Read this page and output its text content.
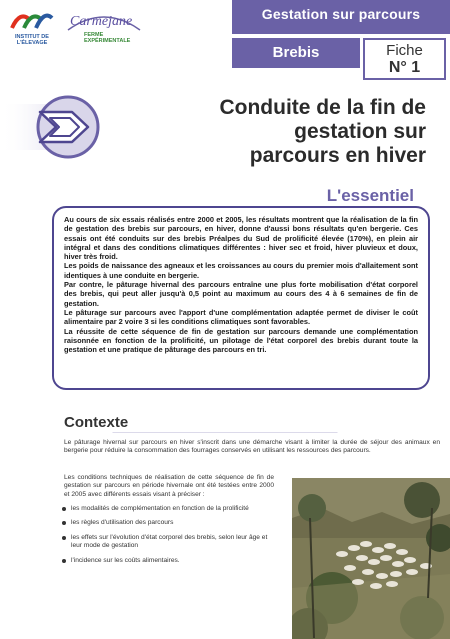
INSTITUT DE
L'ÉLEVAGE
Carmejane
FERME
EXPÉRIMENTALE
Gestation sur parcours
Brebis	Fiche
N° 1
Conduite de la fin de
gestation sur
parcours en hiver
L'essentiel

Au cours de six essais réalisés entre 2000 et 2005, les résultats montrent que la réalisation de la fin de gestation des brebis sur parcours, en hiver, donne d'aussi bons résultats qu'en bergerie. Ces essais ont été conduits sur des brebis Préalpes du Sud de prolificité élevée (170%), en plein air intégral et dans des conditions climatiques différentes : hiver sec et froid, hiver pluvieux et doux, hiver très froid.

Les poids de naissance des agneaux et les croissances au cours du premier mois d'allaitement sont identiques à une conduite en bergerie.

Par contre, le pâturage hivernal des parcours entraîne une plus forte mobilisation d'état corporel des brebis, qui peut aller jusqu'à 0,5 point au maximum au cours des 4 à 6 semaines de fin de gestation.

Le pâturage sur parcours avec l'apport d'une complémentation adaptée permet de diviser le coût alimentaire par 2 voire 3 si les conditions climatiques sont favorables.

La réussite de cette séquence de fin de gestation sur parcours demande une complémentation raisonnée en fonction de la prolificité, un pilotage de l'état corporel des brebis durant toute la gestation et une pratique de pâturage des parcours en tri.

Contexte
Le pâturage hivernal sur parcours en hiver s'inscrit dans une démarche visant à limiter la durée de séjour des animaux en bergerie pour réduire la consommation des fourrages conservés en utilisant les ressources des parcours.
Les conditions techniques de réalisation de cette séquence de fin de gestation sur parcours en période hivernale ont été testées entre 2000 et 2005 avec différents essais visant à préciser :
les modalités de complémentation en fonction de la prolificité
les règles d'utilisation des parcours
les effets sur l'évolution d'état corporel des brebis, selon leur âge et leur mode de gestation
l'incidence sur les coûts alimentaires.
